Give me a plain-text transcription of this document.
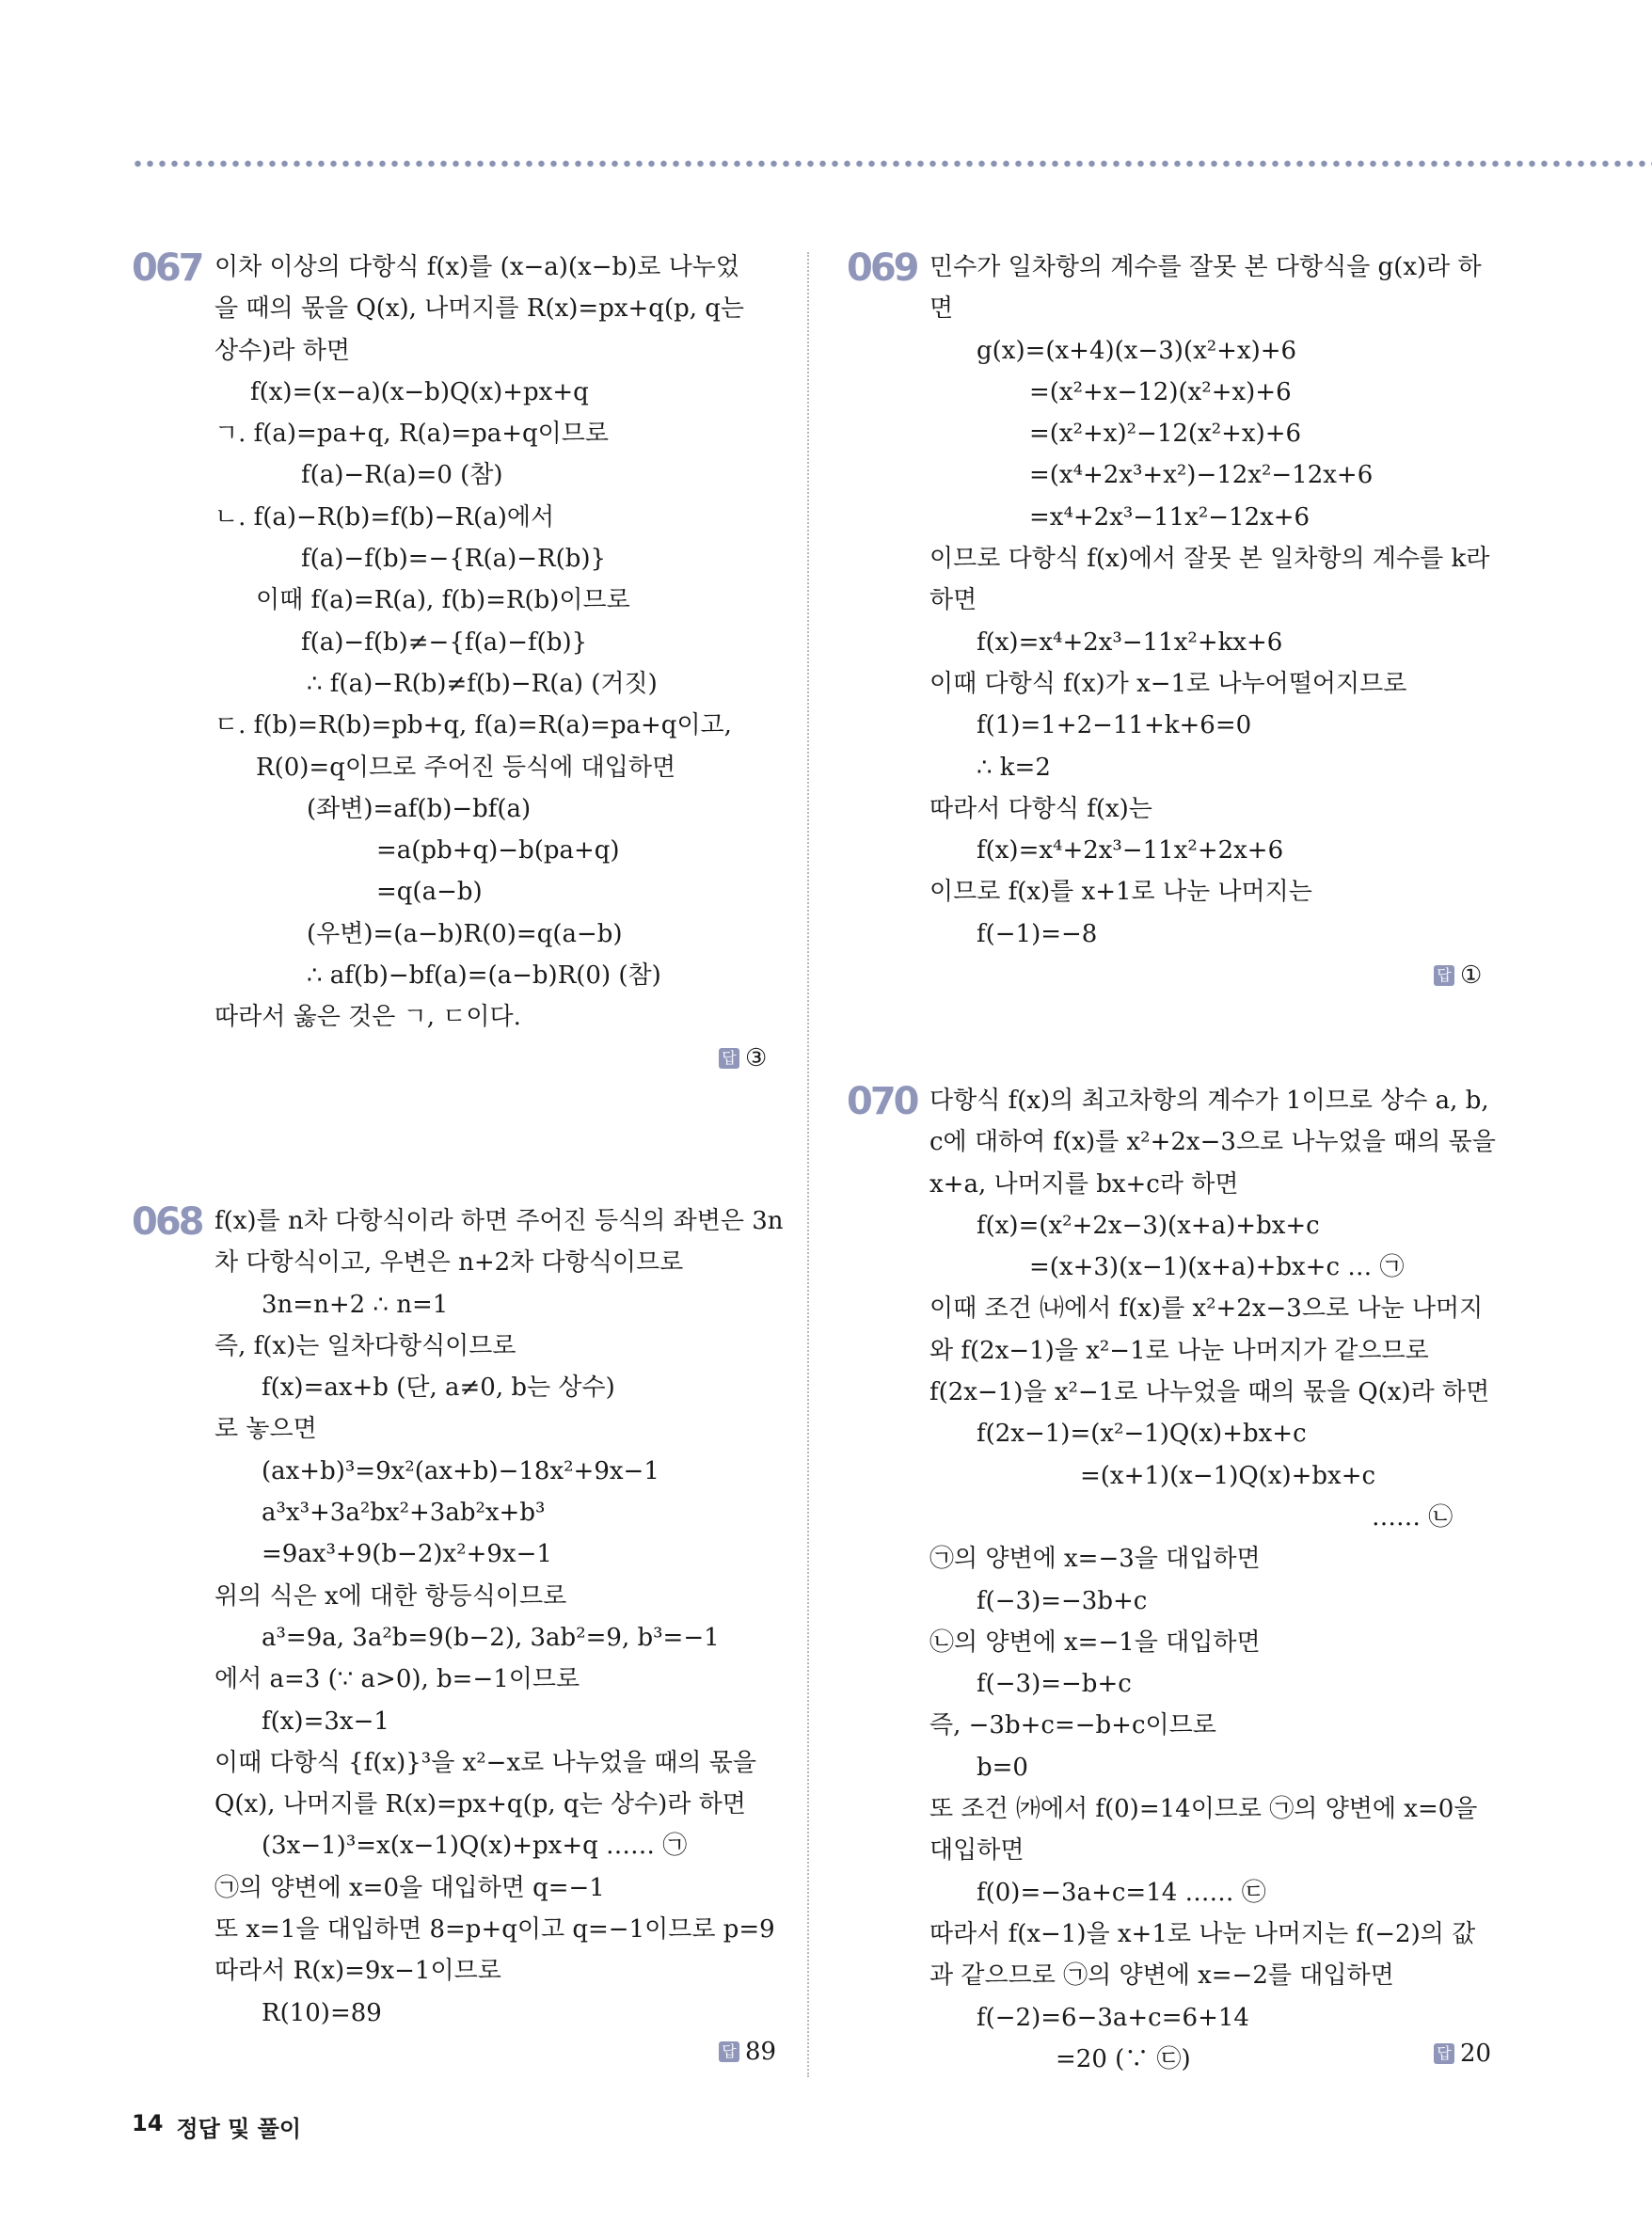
067 이차 이상의 다항식 f(x)를 (x−a)(x−b)로 나누었
을 때의 몫을 Q(x), 나머지를 R(x)=px+q(p, q는
상수)라 하면
f(x)=(x−a)(x−b)Q(x)+px+q
ㄱ. f(a)=pa+q, R(a)=pa+q이므로
f(a)−R(a)=0 (참)
ㄴ. f(a)−R(b)=f(b)−R(a)에서
f(a)−f(b)=−{R(a)−R(b)}
이때 f(a)=R(a), f(b)=R(b)이므로
f(a)−f(b)≠−{f(a)−f(b)}
∴ f(a)−R(b)≠f(b)−R(a) (거짓)
ㄷ. f(b)=R(b)=pb+q, f(a)=R(a)=pa+q이고,
R(0)=q이므로 주어진 등식에 대입하면
(좌변)=af(b)−bf(a)
=a(pb+q)−b(pa+q)
=q(a−b)
(우변)=(a−b)R(0)=q(a−b)
∴ af(b)−bf(a)=(a−b)R(0) (참)
따라서 옳은 것은 ㄱ, ㄷ이다.
답 ③
068 f(x)를 n차 다항식이라 하면 주어진 등식의 좌변은 3n
차 다항식이고, 우변은 n+2차 다항식이므로
3n=n+2 ∴ n=1
즉, f(x)는 일차다항식이므로
f(x)=ax+b (단, a≠0, b는 상수)
로 놓으면
(ax+b)³=9x²(ax+b)−18x²+9x−1
a³x³+3a²bx²+3ab²x+b³
=9ax³+9(b−2)x²+9x−1
위의 식은 x에 대한 항등식이므로
a³=9a, 3a²b=9(b−2), 3ab²=9, b³=−1
에서 a=3 (∵ a>0), b=−1이므로
f(x)=3x−1
이때 다항식 {f(x)}³을 x²−x로 나누었을 때의 몫을
Q(x), 나머지를 R(x)=px+q(p, q는 상수)라 하면
(3x−1)³=x(x−1)Q(x)+px+q …… ㉠
㉠의 양변에 x=0을 대입하면 q=−1
또 x=1을 대입하면 8=p+q이고 q=−1이므로 p=9
따라서 R(x)=9x−1이므로
R(10)=89
답 89
069 민수가 일차항의 계수를 잘못 본 다항식을 g(x)라 하
면
g(x)=(x+4)(x−3)(x²+x)+6
=(x²+x−12)(x²+x)+6
=(x²+x)²−12(x²+x)+6
=(x⁴+2x³+x²)−12x²−12x+6
=x⁴+2x³−11x²−12x+6
이므로 다항식 f(x)에서 잘못 본 일차항의 계수를 k라
하면
f(x)=x⁴+2x³−11x²+kx+6
이때 다항식 f(x)가 x−1로 나누어떨어지므로
f(1)=1+2−11+k+6=0
∴ k=2
따라서 다항식 f(x)는
f(x)=x⁴+2x³−11x²+2x+6
이므로 f(x)를 x+1로 나눈 나머지는
f(−1)=−8
답 ①
070 다항식 f(x)의 최고차항의 계수가 1이므로 상수 a, b,
c에 대하여 f(x)를 x²+2x−3으로 나누었을 때의 몫을
x+a, 나머지를 bx+c라 하면
f(x)=(x²+2x−3)(x+a)+bx+c
=(x+3)(x−1)(x+a)+bx+c … ㉠
이때 조건 ㈏에서 f(x)를 x²+2x−3으로 나눈 나머지
와 f(2x−1)을 x²−1로 나눈 나머지가 같으므로
f(2x−1)을 x²−1로 나누었을 때의 몫을 Q(x)라 하면
f(2x−1)=(x²−1)Q(x)+bx+c
=(x+1)(x−1)Q(x)+bx+c
…… ㉡
㉠의 양변에 x=−3을 대입하면
f(−3)=−3b+c
㉡의 양변에 x=−1을 대입하면
f(−3)=−b+c
즉, −3b+c=−b+c이므로
b=0
또 조건 ㈎에서 f(0)=14이므로 ㉠의 양변에 x=0을
대입하면
f(0)=−3a+c=14 …… ㉢
따라서 f(x−1)을 x+1로 나눈 나머지는 f(−2)의 값
과 같으므로 ㉠의 양변에 x=−2를 대입하면
f(−2)=6−3a+c=6+14
=20 (∵ ㉢)	답 20
14 정답 및 풀이
